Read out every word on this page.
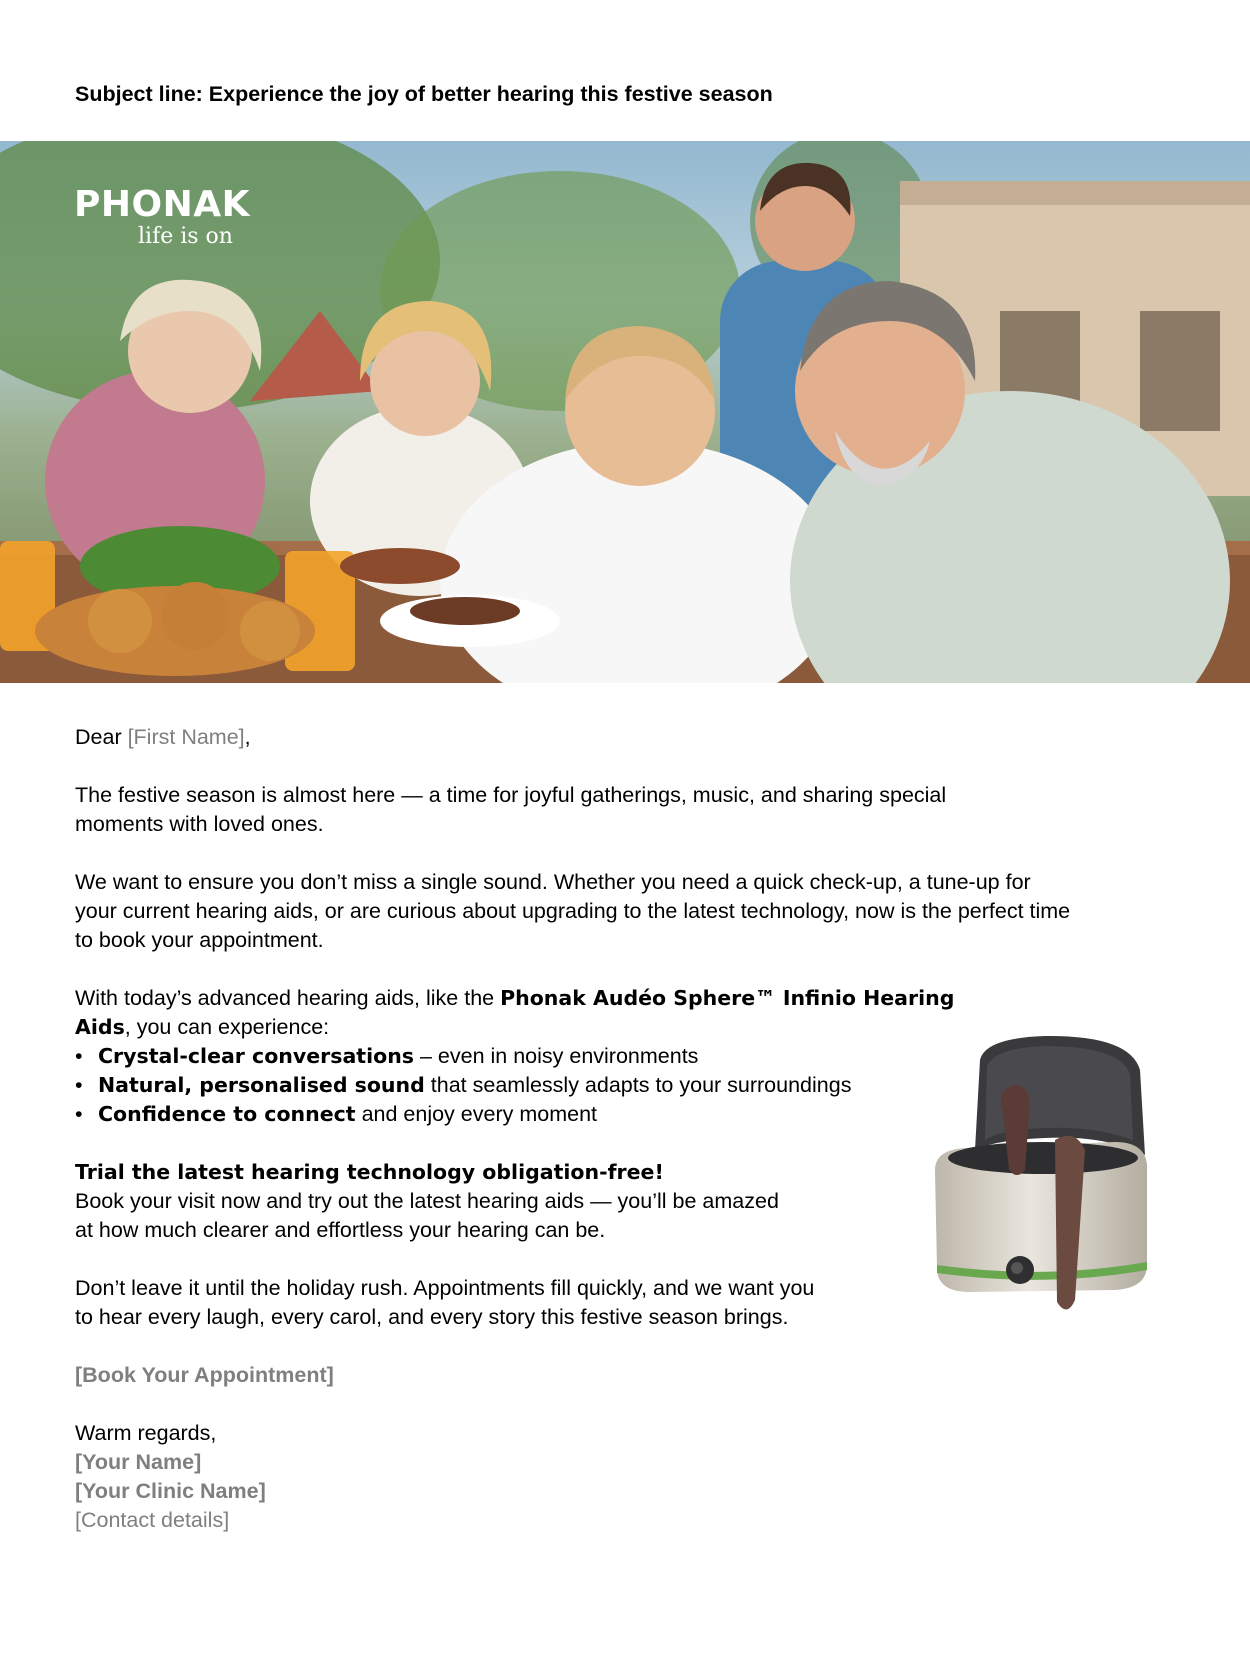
Subject line: Experience the joy of better hearing this festive season
PHONAK
life is on

Dear [First Name],

The festive season is almost here — a time for joyful gatherings, music, and sharing special moments with loved ones.

We want to ensure you don’t miss a single sound. Whether you need a quick check-up, a tune-up for your current hearing aids, or are curious about upgrading to the latest technology, now is the perfect time to book your appointment.

With today’s advanced hearing aids, like the Phonak Audéo Sphere™ Infinio Hearing Aids, you can experience:

• Crystal-clear conversations – even in noisy environments
• Natural, personalised sound that seamlessly adapts to your surroundings
• Confidence to connect and enjoy every moment

Trial the latest hearing technology obligation-free!

Book your visit now and try out the latest hearing aids — you’ll be amazed

at how much clearer and effortless your hearing can be.

Don’t leave it until the holiday rush. Appointments fill quickly, and we want you

to hear every laugh, every carol, and every story this festive season brings.

[Book Your Appointment]

Warm regards,

[Your Name]

[Your Clinic Name]

[Contact details]
